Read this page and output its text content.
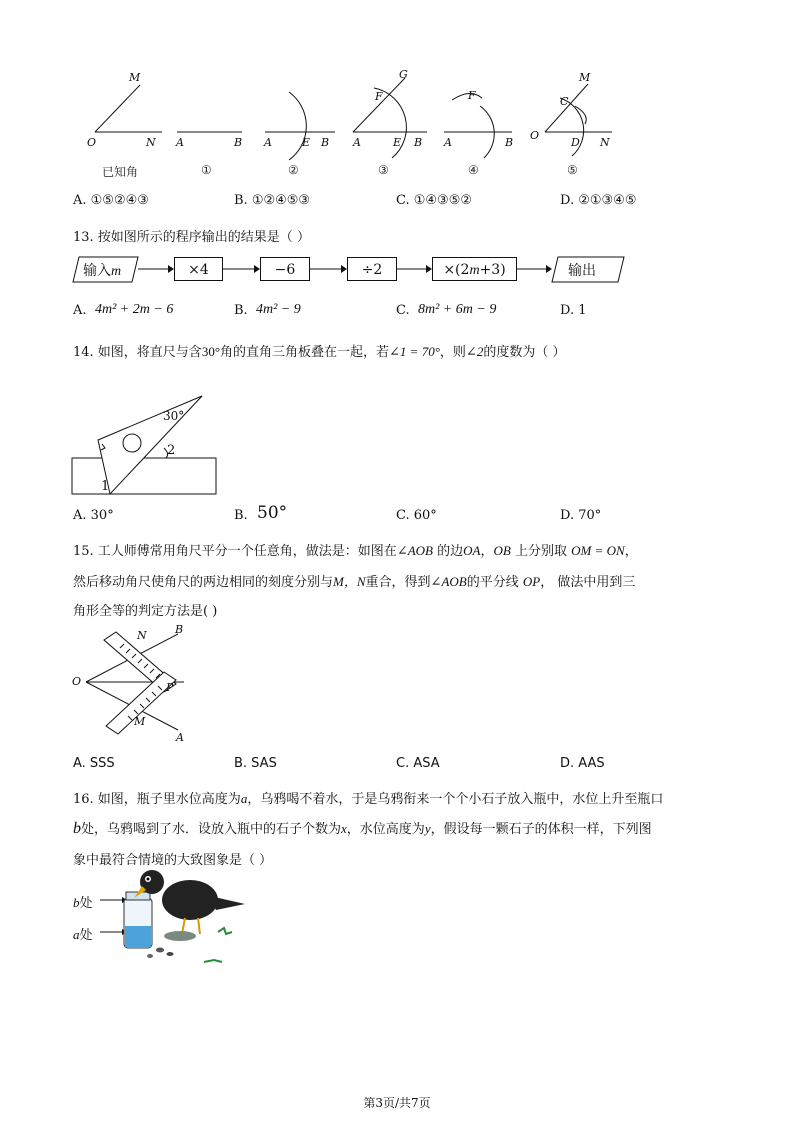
M
O	N A	B A	E B
G
F
A	E B
F
A	B
M
C
O
D N
已知角	①	②	③	④	⑤
A. ①⑤②④③	B. ①②④⑤③	C. ①④③⑤②	D. ②①③④⑤
13. 按如图所示的程序输出的结果是（ ）
输入m	×4	−6	÷2	×(2m+3)	输出
A. 4m² + 2m − 6	B. 4m² − 9	C. 8m² + 6m − 9	D. 1
14. 如图，将直尺与含30°角的直角三角板叠在一起，若∠1 = 70°，则∠2的度数为（ ）
30°
2
1
A. 30°	B. 50°	C. 60°	D. 70°
15. 工人师傅常用角尺平分一个任意角，做法是：如图在∠AOB 的边OA，OB 上分别取 OM = ON，
然后移动角尺使角尺的两边相同的刻度分别与M，N重合，得到∠AOB的平分线 OP， 做法中用到三
角形全等的判定方法是( )
N	B
O	P
M
A
A. SSS	B. SAS	C. ASA	D. AAS
16. 如图，瓶子里水位高度为a，乌鸦喝不着水，于是乌鸦衔来一个个小石子放入瓶中，水位上升至瓶口
b处，乌鸦喝到了水．设放入瓶中的石子个数为x，水位高度为y，假设每一颗石子的体积一样，下列图
象中最符合情境的大致图象是（ ）
b处
a处
第3页/共7页
